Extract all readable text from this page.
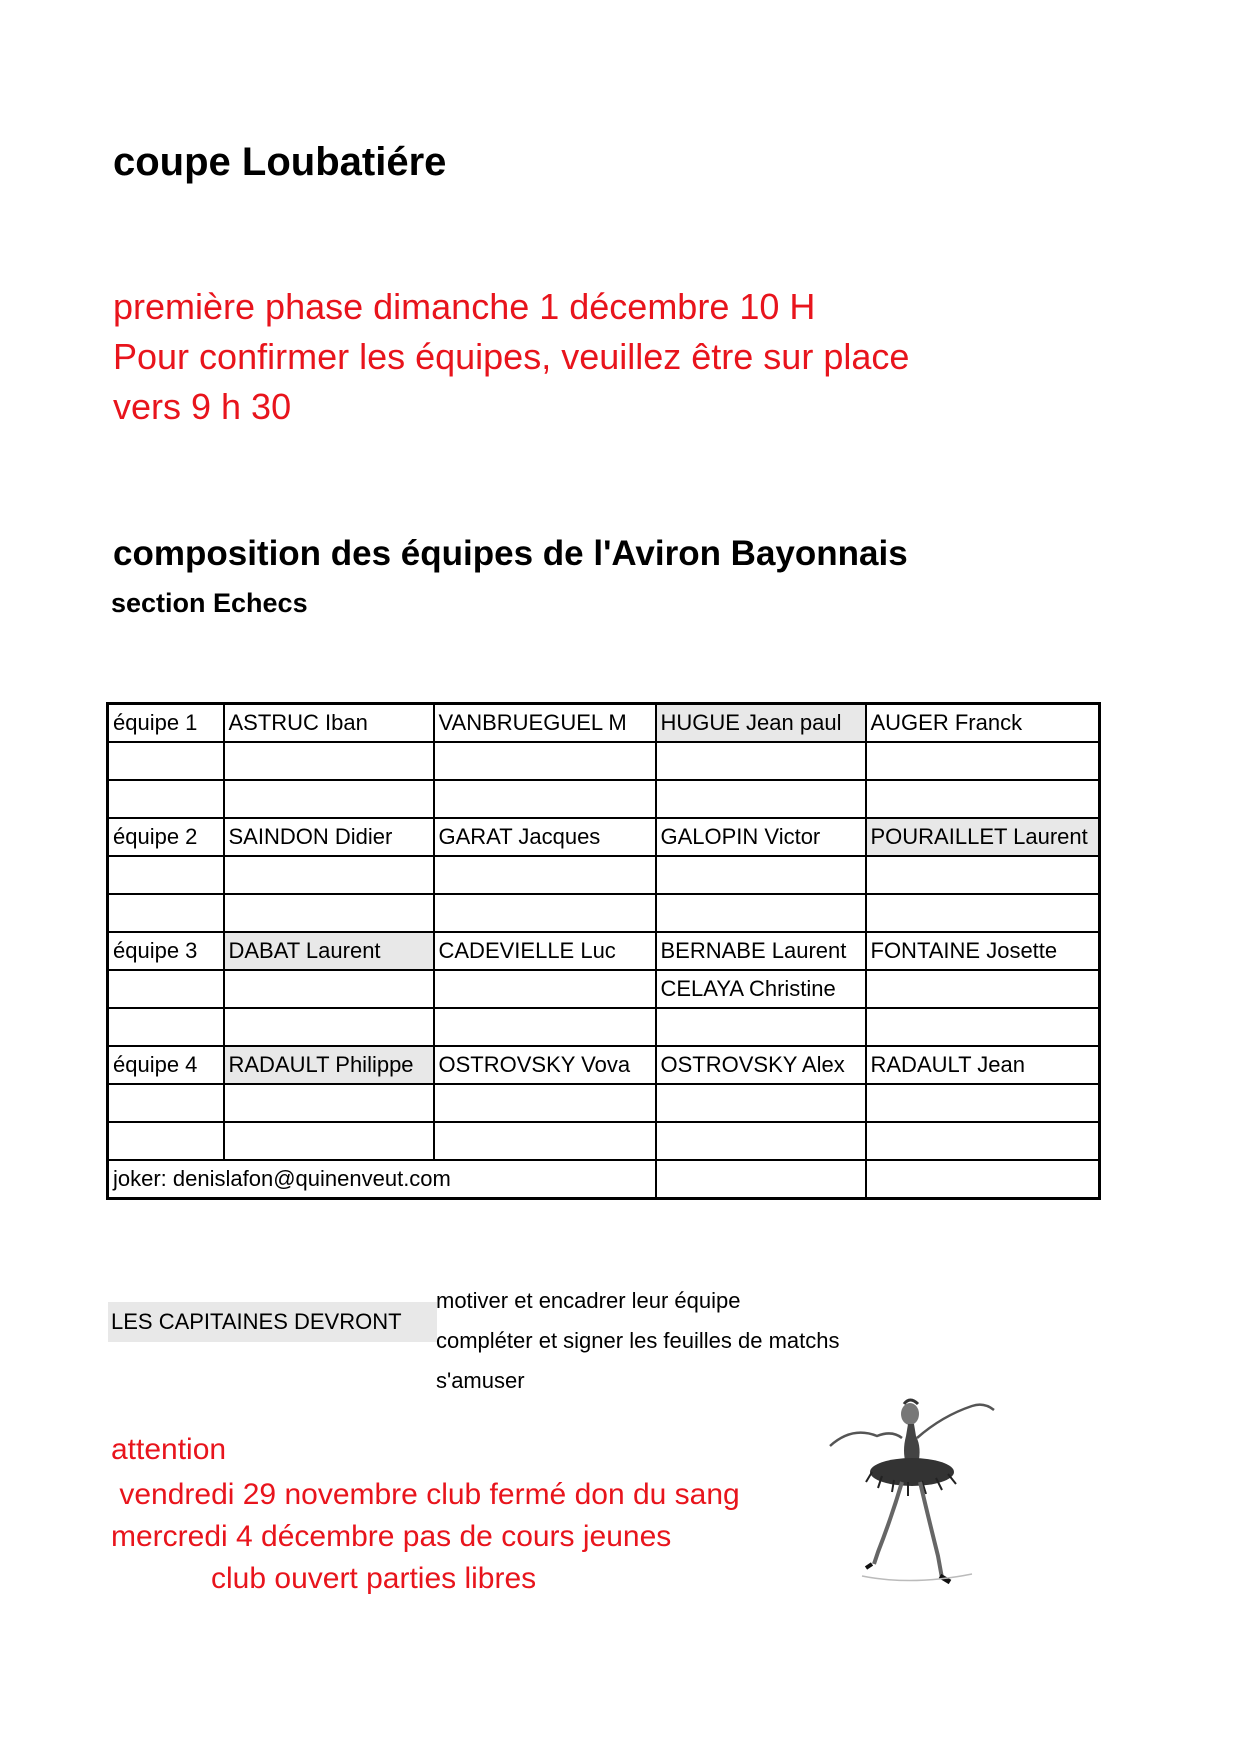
coupe Loubatiére
première phase dimanche 1 décembre 10 H
Pour confirmer les équipes, veuillez être sur place
vers 9 h 30
composition des équipes de l'Aviron Bayonnais
section Echecs
équipe 1	ASTRUC Iban	VANBRUEGUEL M	HUGUE Jean paul	AUGER Franck

équipe 2	SAINDON Didier	GARAT Jacques	GALOPIN Victor	POURAILLET Laurent

équipe 3	DABAT Laurent	CADEVIELLE Luc	BERNABE Laurent	FONTAINE Josette
			CELAYA Christine	

équipe 4	RADAULT Philippe	OSTROVSKY Vova	OSTROVSKY Alex	RADAULT Jean

joker: denislafon@quinenveut.com				
LES CAPITAINES DEVRONT
motiver et encadrer leur équipe
compléter et signer les feuilles de matchs
s'amuser
attention
vendredi 29 novembre club fermé don du sang
mercredi 4 décembre pas de cours jeunes
club ouvert parties libres
